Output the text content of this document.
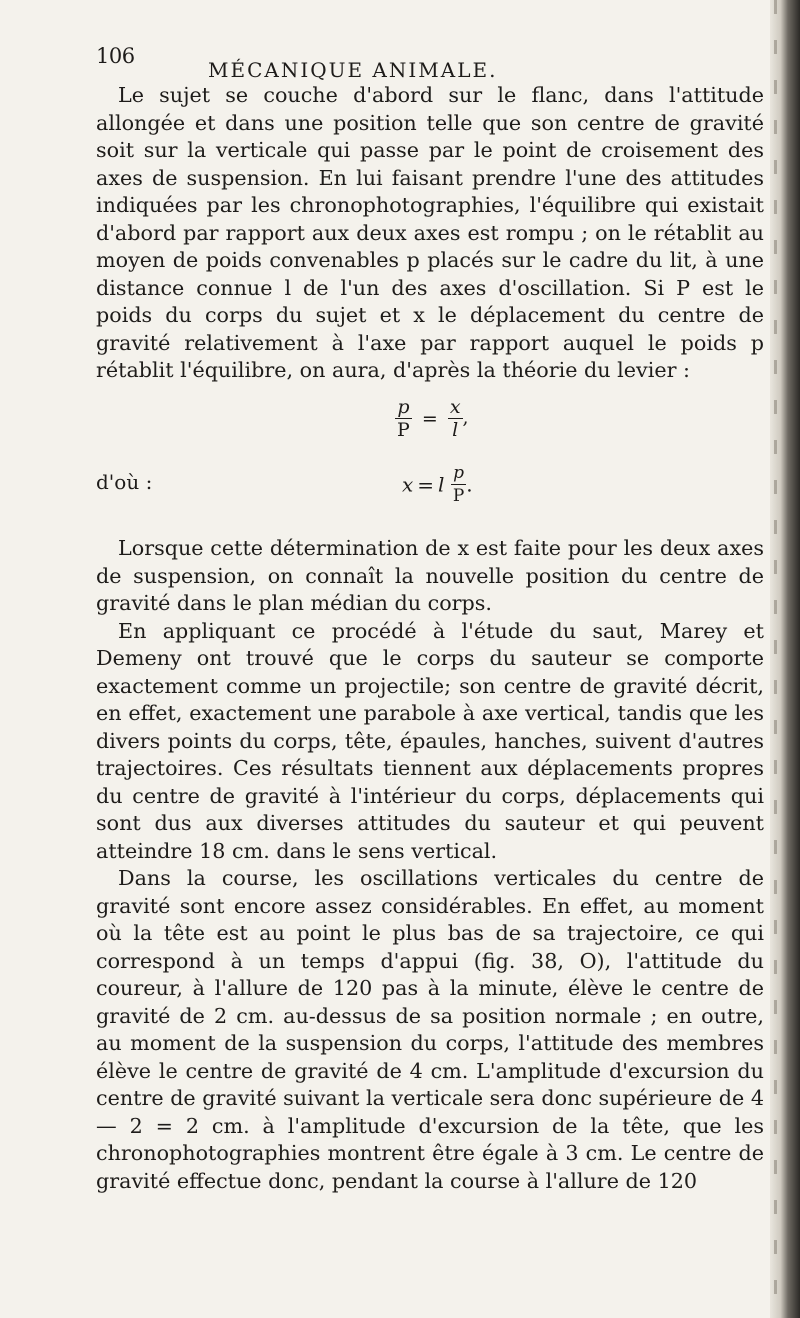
106
MÉCANIQUE ANIMALE.

Le sujet se couche d'abord sur le flanc, dans l'attitude allongée et dans une position telle que son centre de gravité soit sur la verticale qui passe par le point de croisement des axes de suspension. En lui faisant prendre l'une des attitudes indiquées par les chronophotographies, l'équilibre qui existait d'abord par rapport aux deux axes est rompu ; on le rétablit au moyen de poids convenables p placés sur le cadre du lit, à une distance connue l de l'un des axes d'oscillation. Si P est le poids du corps du sujet et x le déplacement du centre de gravité relativement à l'axe par rapport auquel le poids p rétablit l'équilibre, on aura, d'après la théorie du levier :

$\frac{p}{P} = \frac{x}{l}$ ,
d'où :	x = l $\frac{p}{P}$ .

Lorsque cette détermination de x est faite pour les deux axes de suspension, on connaît la nouvelle position du centre de gravité dans le plan médian du corps.

En appliquant ce procédé à l'étude du saut, Marey et Demeny ont trouvé que le corps du sauteur se comporte exactement comme un projectile; son centre de gravité décrit, en effet, exactement une parabole à axe vertical, tandis que les divers points du corps, tête, épaules, hanches, suivent d'autres trajectoires. Ces résultats tiennent aux déplacements propres du centre de gravité à l'intérieur du corps, déplacements qui sont dus aux diverses attitudes du sauteur et qui peuvent atteindre 18 cm. dans le sens vertical.

Dans la course, les oscillations verticales du centre de gravité sont encore assez considérables. En effet, au moment où la tête est au point le plus bas de sa trajectoire, ce qui correspond à un temps d'appui (fig. 38, O), l'attitude du coureur, à l'allure de 120 pas à la minute, élève le centre de gravité de 2 cm. au-dessus de sa position normale ; en outre, au moment de la suspension du corps, l'attitude des membres élève le centre de gravité de 4 cm. L'amplitude d'excursion du centre de gravité suivant la verticale sera donc supérieure de 4 — 2 = 2 cm. à l'amplitude d'excursion de la tête, que les chronophotographies montrent être égale à 3 cm. Le centre de gravité effectue donc, pendant la course à l'allure de 120
